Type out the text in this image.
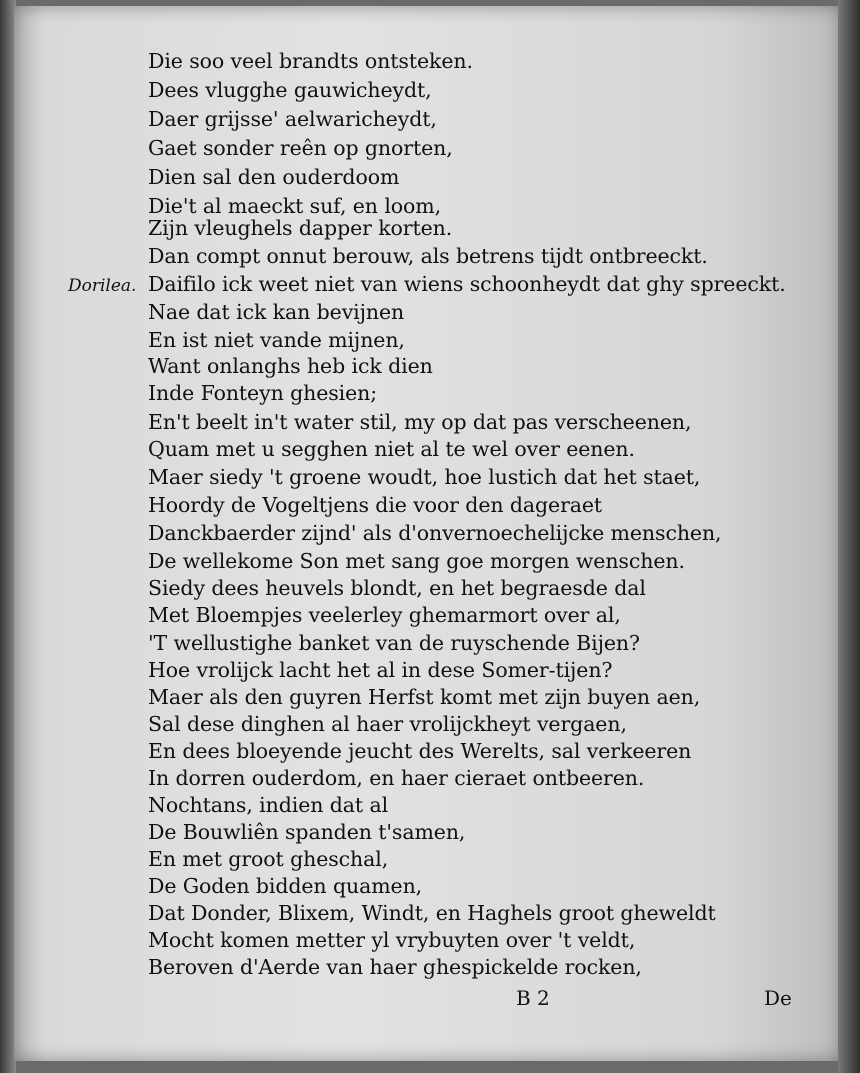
Dorilea.
Die soo veel brandts ontsteken.
Dees vlugghe gauwicheydt,
Daer grijsse' aelwaricheydt,
Gaet sonder reên op gnorten,
Dien sal den ouderdoom
Die't al maeckt suf, en loom,
Zijn vleughels dapper korten.
Dan compt onnut berouw, als betrens tijdt ontbreeckt.
Daifilo ick weet niet van wiens schoonheydt dat ghy spreeckt.
Nae dat ick kan bevijnen
En ist niet vande mijnen,
Want onlanghs heb ick dien
Inde Fonteyn ghesien;
En't beelt in't water stil, my op dat pas verscheenen,
Quam met u segghen niet al te wel over eenen.
Maer siedy 't groene woudt, hoe lustich dat het staet,
Hoordy de Vogeltjens die voor den dageraet
Danckbaerder zijnd' als d'onvernoechelijcke menschen,
De wellekome Son met sang goe morgen wenschen.
Siedy dees heuvels blondt, en het begraesde dal
Met Bloempjes veelerley ghemarmort over al,
'T wellustighe banket van de ruyschende Bijen?
Hoe vrolijck lacht het al in dese Somer-tijen?
Maer als den guyren Herfst komt met zijn buyen aen,
Sal dese dinghen al haer vrolijckheyt vergaen,
En dees bloeyende jeucht des Werelts, sal verkeeren
In dorren ouderdom, en haer cieraet ontbeeren.
Nochtans, indien dat al
De Bouwliên spanden t'samen,
En met groot gheschal,
De Goden bidden quamen,
Dat Donder, Blixem, Windt, en Haghels groot gheweldt
Mocht komen metter yl vrybuyten over 't veldt,
Beroven d'Aerde van haer ghespickelde rocken,
B 2	De
